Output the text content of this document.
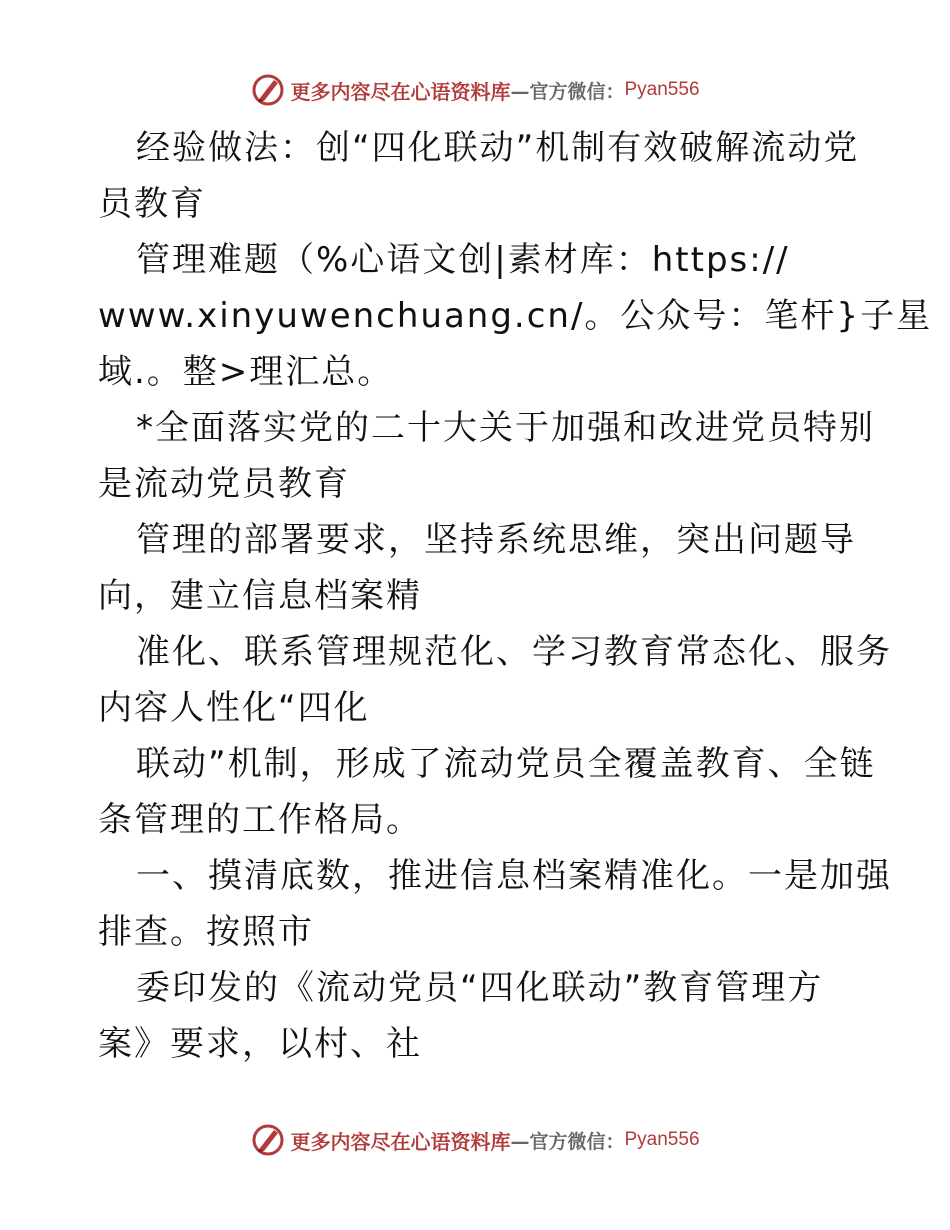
更多内容尽在心语资料库 —官方微信： Pyan556
经验做法：创“四化联动”机制有效破解流动党
员教育
管理难题（%心语文创|素材库：https://
www.xinyuwenchuang.cn/。公众号：笔杆}子星
域.。整>理汇总。
*全面落实党的二十大关于加强和改进党员特别
是流动党员教育
管理的部署要求，坚持系统思维，突出问题导
向，建立信息档案精
准化、联系管理规范化、学习教育常态化、服务
内容人性化“四化
联动”机制，形成了流动党员全覆盖教育、全链
条管理的工作格局。
一、摸清底数，推进信息档案精准化。一是加强
排查。按照市
委印发的《流动党员“四化联动”教育管理方
案》要求，以村、社
更多内容尽在心语资料库 —官方微信： Pyan556
